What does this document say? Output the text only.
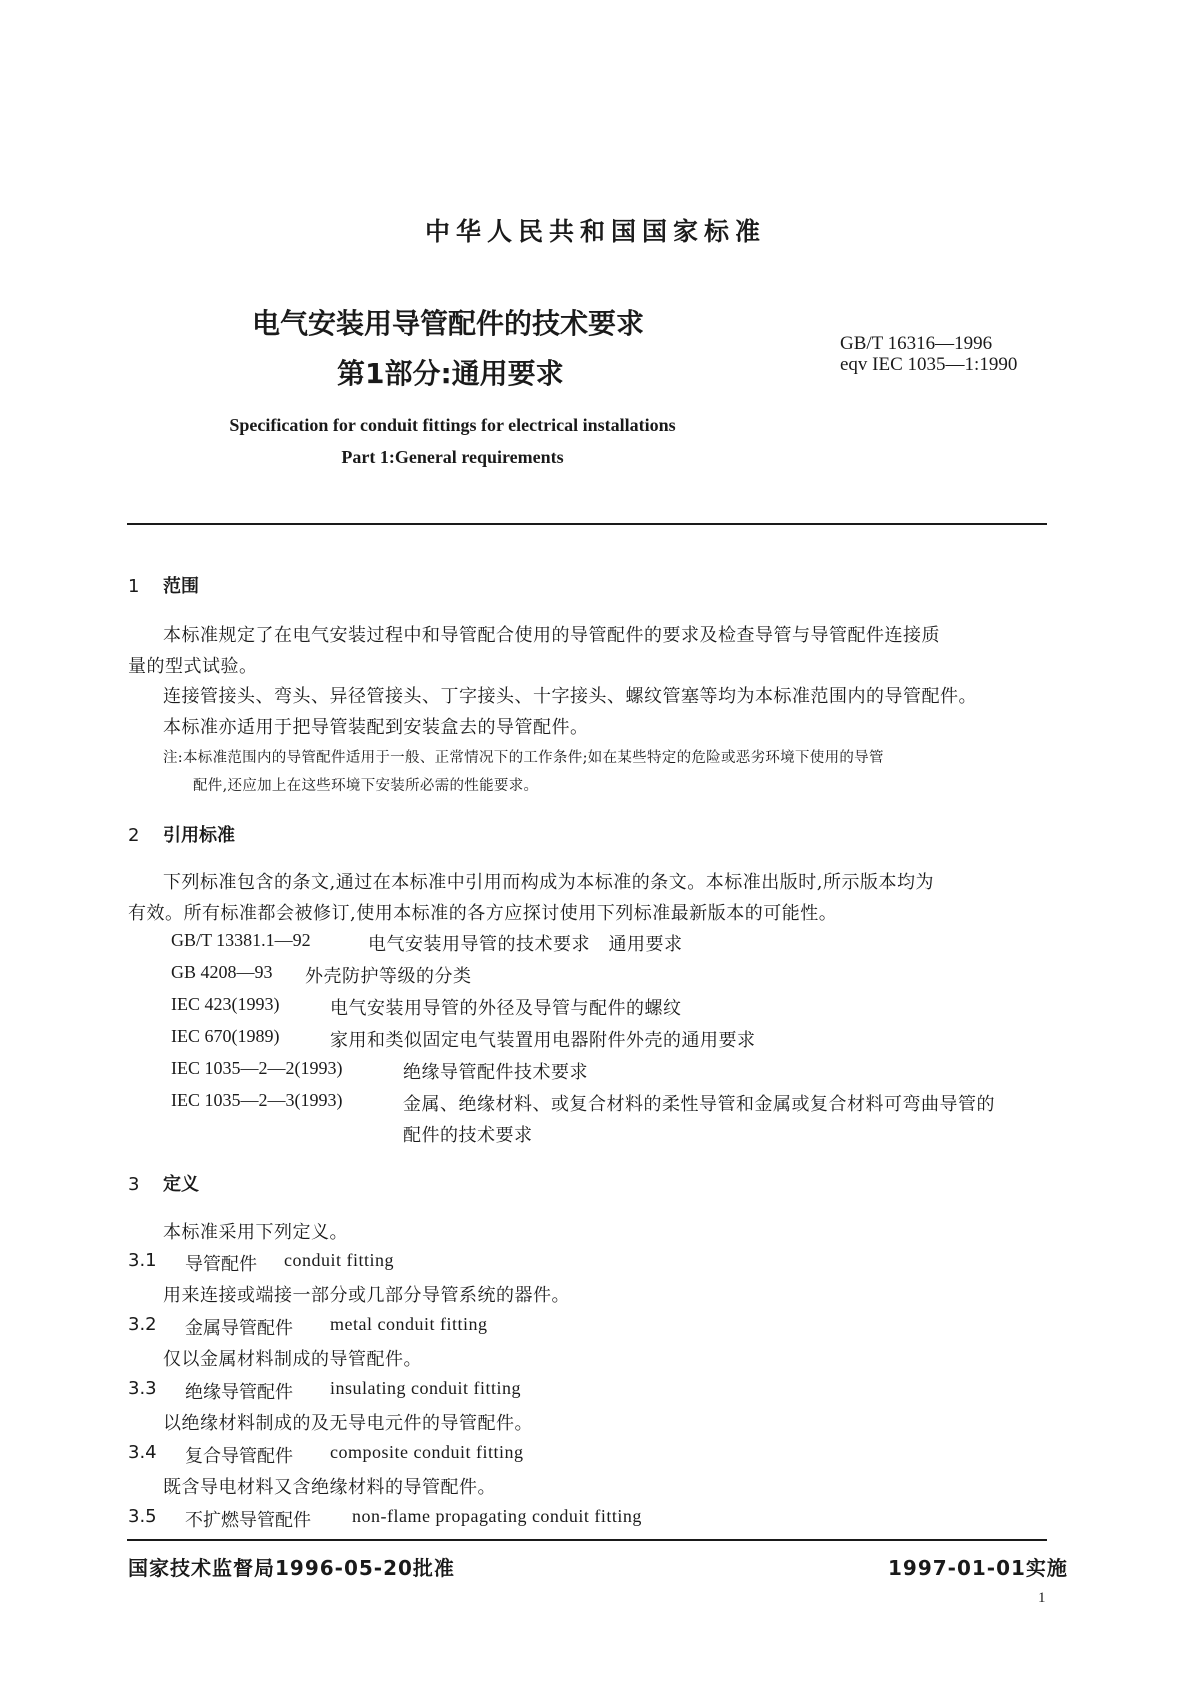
中华人民共和国国家标准
电气安装用导管配件的技术要求
第1部分:通用要求
GB/T 16316—1996
eqv IEC 1035—1:1990
Specification for conduit fittings for electrical installations
Part 1:General requirements
1 范围
本标准规定了在电气安装过程中和导管配合使用的导管配件的要求及检查导管与导管配件连接质
量的型式试验。
连接管接头、弯头、异径管接头、丁字接头、十字接头、螺纹管塞等均为本标准范围内的导管配件。
本标准亦适用于把导管装配到安装盒去的导管配件。
注:本标准范围内的导管配件适用于一般、正常情况下的工作条件;如在某些特定的危险或恶劣环境下使用的导管
配件,还应加上在这些环境下安装所必需的性能要求。
2 引用标准
下列标准包含的条文,通过在本标准中引用而构成为本标准的条文。本标准出版时,所示版本均为
有效。所有标准都会被修订,使用本标准的各方应探讨使用下列标准最新版本的可能性。
GB/T 13381.1—92	电气安装用导管的技术要求　通用要求
GB 4208—93 外壳防护等级的分类
IEC 423(1993)	电气安装用导管的外径及导管与配件的螺纹
IEC 670(1989)	家用和类似固定电气装置用电器附件外壳的通用要求
IEC 1035—2—2(1993)	绝缘导管配件技术要求
IEC 1035—2—3(1993)	金属、绝缘材料、或复合材料的柔性导管和金属或复合材料可弯曲导管的
配件的技术要求
3 定义
本标准采用下列定义。
3.1 导管配件 conduit fitting
用来连接或端接一部分或几部分导管系统的器件。
3.2 金属导管配件 metal conduit fitting
仅以金属材料制成的导管配件。
3.3 绝缘导管配件 insulating conduit fitting
以绝缘材料制成的及无导电元件的导管配件。
3.4 复合导管配件 composite conduit fitting
既含导电材料又含绝缘材料的导管配件。
3.5 不扩燃导管配件 non-flame propagating conduit fitting
国家技术监督局1996-05-20批准	1997-01-01实施
1
